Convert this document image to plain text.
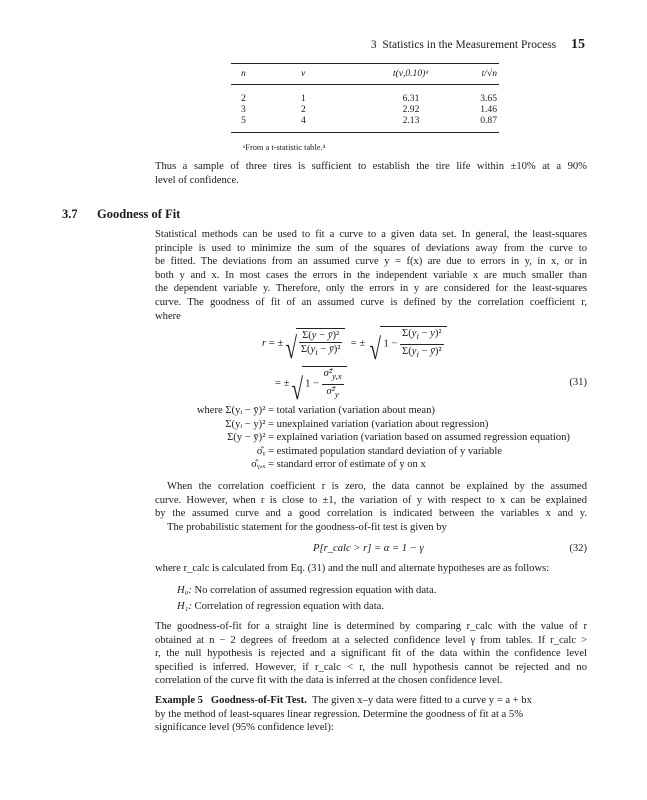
3 Statistics in the Measurement Process 15
n	ν	t(ν,0.10)ᵃ	t/√n
2	1	6.31	3.65
3	2	2.92	1.46
5	4	2.13	0.87
ᵃFrom a t-statistic table.⁴
Thus a sample of three tires is sufficient to establish the tire life within ±10% at a 90%
level of confidence.
3.7 Goodness of Fit
Statistical methods can be used to fit a curve to a given data set. In general, the least-squares
principle is used to minimize the sum of the squares of deviations away from the curve to
be fitted. The deviations from an assumed curve y = f(x) are due to errors in y, in x, or in
both y and x. In most cases the errors in the independent variable x are much smaller than
the dependent variable y. Therefore, only the errors in y are considered for the least-squares
curve. The goodness of fit of an assumed curve is defined by the correlation coefficient r,
where
r = ± √ $\frac{\text{Σ(y − ȳ)²}}{\Sigma(y_i - ȳ)^2}$ = ±  √ $1 - \frac{\Sigma(y_i - y)^2}{\Sigma(y_i - ȳ)^2}$
= ± √ $1 - \frac{\sigmâ^2_{y,x}}{\sigmâ^2_y}$	(31)
where Σ(yᵢ − ȳ)² = total variation (variation about mean)
Σ(yᵢ − y)² = unexplained variation (variation about regression)
Σ(y − ȳ)² = explained variation (variation based on assumed regression equation)
σ̂ᵧ = estimated population standard deviation of y variable
σ̂ᵧ,ₓ = standard error of estimate of y on x
When the correlation coefficient r is zero, the data cannot be explained by the assumed
curve. However, when r is close to ±1, the variation of y with respect to x can be explained
by the assumed curve and a good correlation is indicated between the variables x and y.
The probabilistic statement for the goodness-of-fit test is given by
P[r_calc > r] = α = 1 − γ	(32)
where r_calc is calculated from Eq. (31) and the null and alternate hypotheses are as follows:
H₀: No correlation of assumed regression equation with data.
H₁: Correlation of regression equation with data.
The goodness-of-fit for a straight line is determined by comparing r_calc with the value of r
obtained at n − 2 degrees of freedom at a selected confidence level γ from tables. If r_calc >
r, the null hypothesis is rejected and a significant fit of the data within the confidence level
specified is inferred. However, if r_calc < r, the null hypothesis cannot be rejected and no
correlation of the curve fit with the data is inferred at the chosen confidence level.
Example 5 Goodness-of-Fit Test. The given x–y data were fitted to a curve y = a + bx
by the method of least-squares linear regression. Determine the goodness of fit at a 5%
significance level (95% confidence level):
